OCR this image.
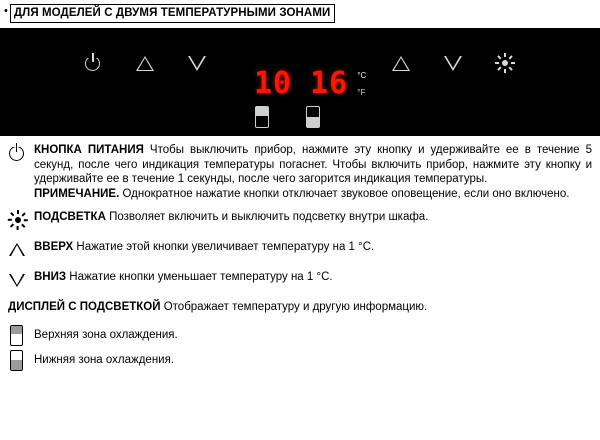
• ДЛЯ МОДЕЛЕЙ С ДВУМЯ ТЕМПЕРАТУРНЫМИ ЗОНАМИ
10 16 °C
°F
КНОПКА ПИТАНИЯ Чтобы выключить прибор, нажмите эту кнопку и удерживайте ее в течение 5 секунд, после чего индикация температуры погаснет. Чтобы включить прибор, нажмите эту кнопку и удерживайте ее в течение 1 секунды, после чего загорится индикация температуры.
ПРИМЕЧАНИЕ. Однократное нажатие кнопки отключает звуковое оповещение, если оно включено.
ПОДСВЕТКА Позволяет включить и выключить подсветку внутри шкафа.
ВВЕРХ Нажатие этой кнопки увеличивает температуру на 1 °C.
ВНИЗ Нажатие кнопки уменьшает температуру на 1 °C.
ДИСПЛЕЙ С ПОДСВЕТКОЙ Отображает температуру и другую информацию.
Верхняя зона охлаждения.
Нижняя зона охлаждения.
